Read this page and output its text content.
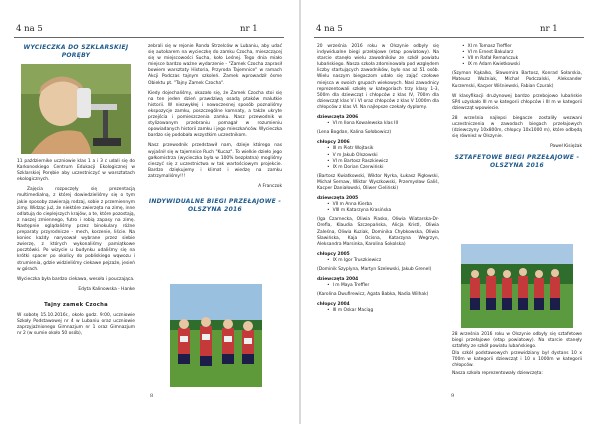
4 na 5	nr 1
WYCIECZKA DO SZKLARSKIEJ PORĘBY

11 październike uczniowie klas 1 a i 3 c udali się do Karkonoskiego Centrum Edukacji Ekologicznej w Szklarskiej Porębie aby uczestniczyć w warsztatach ekologicznych.

Zajęcia rozpoczęły się prezentacją multimedialną, z której dowiedzieliśmy się o tym jakie sposoby zawierają rodzaj, sobie z przemiennym zimy. Widząc już, że niektóre zwierzęta na zimę, inne odlatują do cieplejszych krajów, a te, które pozostają, z naszej zmiennego, futro i robią zapasy na zimę. Następnie oglądaliśmy przez binokulary różne preparaty przyrodnicze - mech, korzenie, liście. Na koniec każdy narysował wybrane przez siebie zwierzę, z których wykonaliśmy pamiątkowe pocztówki. Po wizycie u budynku udaliśmy się na krótki spacer po okolicy do pobliskiego wąwozu i strumienia, gdzie widzieliśmy ciekawe pejzaże, jesień w górach.

Wycieczka była bardzo ciekawa, wesoła i pouczająca.

Edyta Kalinowska - Hanke

Tajny zamek Czocha

W sobotę 15.10.2016r., około godz. 9:00, uczniowie Szkoły Podstawowej nr 4 w Lubaniu oraz uczniowie zaprzyjaźnionego Gimnazjum nr 1 oraz Gimnazjum nr 2 (w sumie około 50 osób),

zebrali się w rejonie Ronda Strzelców w Lubaniu, aby udać się autokarem na wycieczkę do zamku Czocha, mieszczącej się w miejscowości Sucha, koło Leśnej. Tego dnia miało miejsce bardzo ważne wydarzenie - "Zamek Czocha zaprasił bowiem warsztaty Historia, Przyroda Tajemnice" w ramach Akcji Podczas tajnym szkoleń. Zamek wprowadził ósme Obiektu pt. "Tajny Zamek Czocha".

Kiedy dojechaliśmy, okazało się, że Zamek Czocha stoi się na ten jeden dzień prawdziwą osadą ptaków malutkie historii. W niezwykłej i nowoczesnej sposób poznaliśmy ekspozycje zamku, poszczególne komnaty, a także ukryte przejścia i pomieszczenia zamku. Nasz przewodnik w stylizowanym przebraniu pomagał w rozumieniu opowiadanych historii zamku i jego mieszkańców. Wycieczka bardzo się podobała wszystkim uczestnikom.

Nasz przewodnik przedstawił nam, dzieje którego nas wyjaśnił się w tajemnice Ruch "Kucaz". To wielkie dzieło jego gałkomistrza (wycieczka była w 100% bezpłatna) mogliśmy cieszyć się z uczestnictwa w tak wartościowym projekcie. Bardzo dziękujemy i klimat i wiedzę na zamku zatrzymaliśmy!!!

A Franczok

INDYWIDUALNE BIEGI PRZEŁAJOWE - OLSZYNA 2016
8
4 na 5	nr 1

20 września 2016 roku w Olszynie odbyły się indywidualne biegi przełajowe (etap powiatowy). Na starcie stanęło wielu zawodników ze szkół powiatu lubańskiego. Nasza szkoła zdominowała pod względem liczby startujących zawodników, było nas aż 51 osób. Wielu naszym biegaczom udało się zająć czołowe miejsca w swoich grupach wiekowych. Nasi zawodnicy reprezentowali szkołę w kategoriach trzy klasy 1-3, 500m dla dziewcząt i chłopców z klas IV, 700m dla dziewcząt klas V i VI oraz chłopców z klas V 1000m dla chłopców z klas VI. Na najlepsze czekały dyplomy.

dziewczęta 2006
• VI m Ilona Kowalewska klas III

(Lena Bogdan, Kalina Sołobowicz)

chłopcy 2006
• III m Piotr Wojtasik
• V m Jakub Olszowski
• VI m Bartosz Raszkiewicz
• IX m Dorian Czerwiński

(Bartosz Kwiatkowski, Wiktor Nyrka, Łukasz Pigłowski, Michał Sernaw, Wiktor Wyszkowski, Przemysław Galiś, Kacper Daniałowski, Oliwer Cieliński)

dziewczęta 2005
• VII m Anna Kierba
• VIII m Katarzyna Krasińska

(Iga Czarnecka, Oliwia Piasko, Oliwia Wiatarska-Dr-Orefla, Klaudia Szczepańska, Alicja Kristl, Oliwia Zaleśna, Oliwia Kuziak, Dominika Chybkowska, Oliwia Slawińska, Kaja Ocisna, Katarzyna Wegrzyn, Aleksandra Marsinka, Karolina Sokolska)

chłopcy 2005
• IX m Igor Truszkiewicz

(Dominik Szyplyna, Martyn Szelewski, Jakub Grenel)

dziewczęta 2004
• I m Maya Treffler

(Karolina Dwufirewicz, Agata Babka, Nadia Wilhak)

chłopcy 2004
• III m Oskar Maciąg
• XI m Tomasz Treffler
• VI m Ernest Bakularz
• VII m Rafał Remańczuk
• IX m Adam Kwietkowski

(Szymon Kąkalko, Sławomira Bartosz, Konrad Sołarskia, Mateusz Woźniak, Michał Podczalski, Aleksander Kurzemski, Kacper Wiśniewski, Fabian Czurak)

W klasyfikacji drużynowej bardzo przebojowo lubańskie SP4 uzyskało III m w kategorii chłopców i III m w kategorii dziewcząt wpowiecie.

28 września najlepsi biegacze zostaliły wezwani uczestniczenia w zawodach biegach przełajowych (dziewczyny 10x800m, chłopcy 10x1000 m), które odbędą się również w Olszynie.

Paweł Kisiężak

SZTAFETOWE BIEGI PRZEŁAJOWE - OLSZYNA 2016

28 września 2016 roku w Olszynie odbyły się sztafetowe biegi przełajowe (etap powiatowy). Na starcie stanęły sztafety ze szkół powiatu lubańskiego.

Dla szkół podstawowych przewidziany był dystans 10 x 700m w kategorii dziewcząt i 10 x 1000m w kategorii chłopców.

Nasza szkoła reprezentowały dziewczęta:

9
